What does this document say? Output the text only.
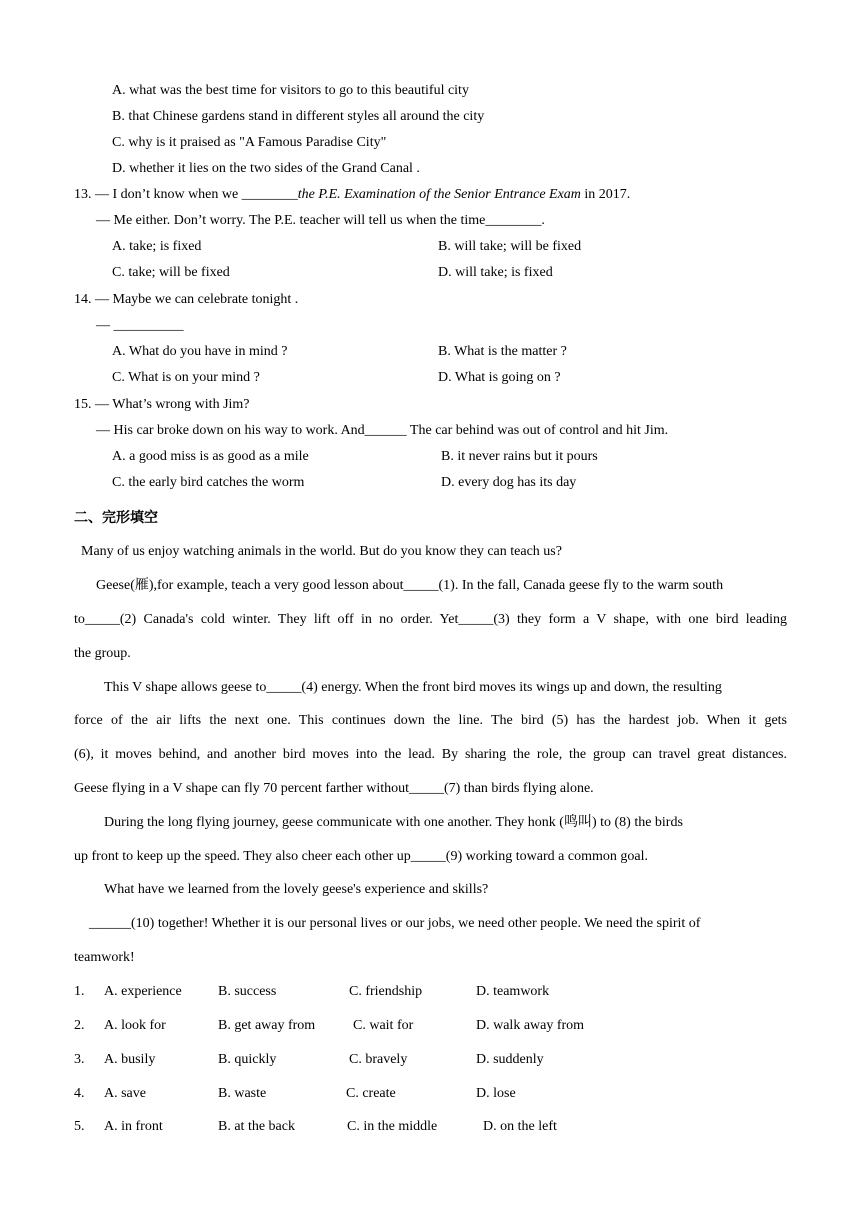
A. what was the best time for visitors to go to this beautiful city
B. that Chinese gardens stand in different styles all around the city
C. why is it praised as "A Famous Paradise City"
D. whether it lies on the two sides of the Grand Canal .
13. — I don’t know when we ________the P.E. Examination of the Senior Entrance Exam in 2017.
— Me either. Don’t worry. The P.E. teacher will tell us when the time________.
A. take; is fixed	B. will take; will be fixed
C. take; will be fixed	D. will take; is fixed
14. — Maybe we can celebrate tonight .
— __________
A. What do you have in mind ?	B. What is the matter ?
C. What is on your mind ?	D. What is going on ?
15. — What’s wrong with Jim?
— His car broke down on his way to work. And______ The car behind was out of control and hit Jim.
A. a good miss is as good as a mile	B. it never rains but it pours
C. the early bird catches the worm	D. every dog has its day
二、完形填空
Many of us enjoy watching animals in the world. But do you know they can teach us?
Geese(雁),for example, teach a very good lesson about_____(1). In the fall, Canada geese fly to the warm south
to_____(2) Canada's cold winter. They lift off in no order. Yet_____(3) they form a V shape, with one bird leading
the group.
This V shape allows geese to_____(4) energy. When the front bird moves its wings up and down, the resulting
force of the air lifts the next one. This continues down the line. The bird (5) has the hardest job. When it gets
(6), it moves behind, and another bird moves into the lead. By sharing the role, the group can travel great distances.
Geese flying in a V shape can fly 70 percent farther without_____(7) than birds flying alone.
During the long flying journey, geese communicate with one another. They honk (鸣叫) to (8) the birds
up front to keep up the speed. They also cheer each other up_____(9) working toward a common goal.
What have we learned from the lovely geese's experience and skills?
______(10) together! Whether it is our personal lives or our jobs, we need other people. We need the spirit of
teamwork!
1. A. experience	B. success	C. friendship	D. teamwork
2. A. look for	B. get away from	C. wait for	D. walk away from
3. A. busily	B. quickly	C. bravely	D. suddenly
4. A. save	B. waste	C. create	D. lose
5. A. in front	B. at the back	C. in the middle	D. on the left
